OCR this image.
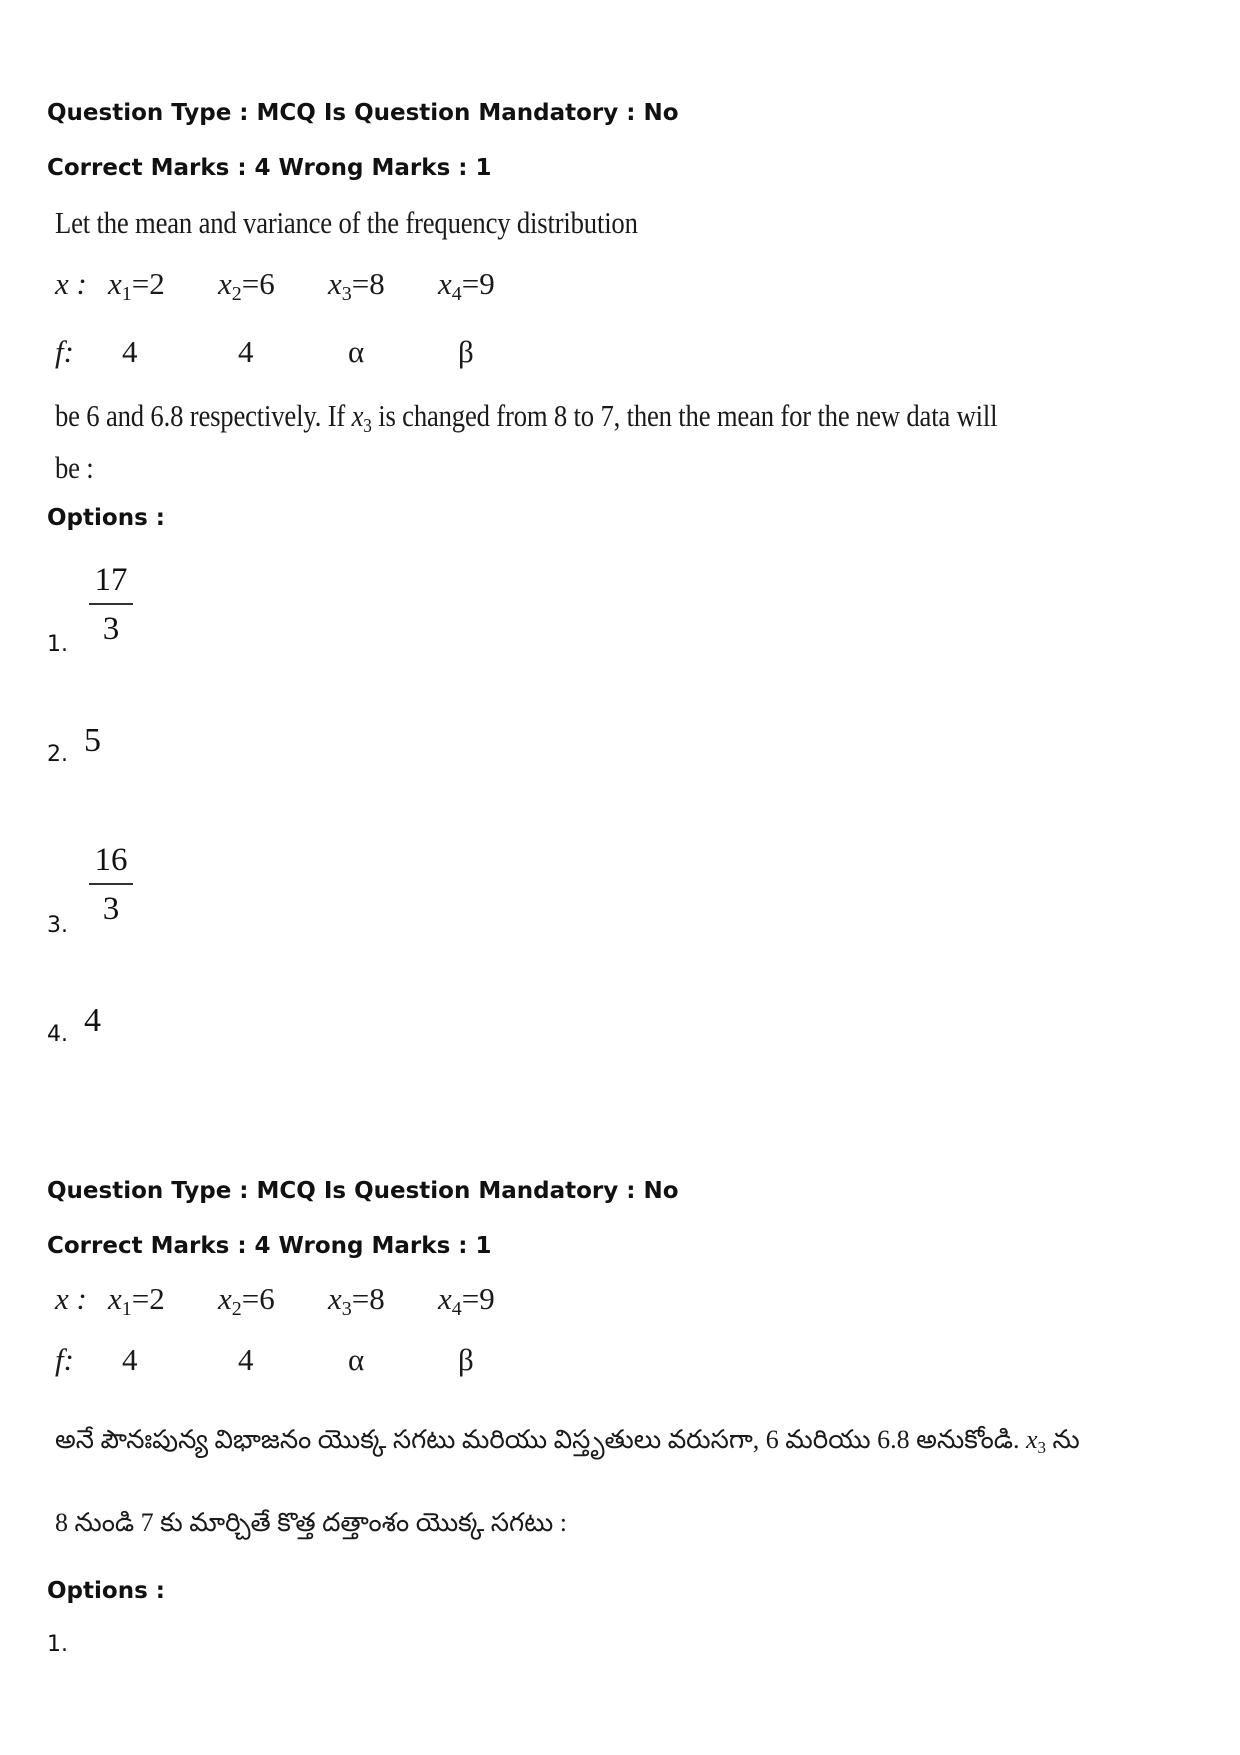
Question Type : MCQ Is Question Mandatory : No
Correct Marks : 4 Wrong Marks : 1
Let the mean and variance of the frequency distribution
x : $x_1=2$ $x_2=6$ $x_3=8$ $x_4=9$
f: 4	4	α	β
be 6 and 6.8 respectively. If $x_3$ is changed from 8 to 7, then the mean for the new data will
be :
Options :
1.
17
3
2. 5
3.
16
3
4. 4
Question Type : MCQ Is Question Mandatory : No
Correct Marks : 4 Wrong Marks : 1
x : $x_1=2$ $x_2=6$ $x_3=8$ $x_4=9$
f: 4	4	α	β
అనే పౌనఃపున్య విభాజనం యొక్క సగటు మరియు విస్తృతులు వరుసగా, 6 మరియు 6.8 అనుకోండి. $x_3$ ను
8 నుండి 7 కు మార్చితే కొత్త దత్తాంశం యొక్క సగటు :
Options :
1.
